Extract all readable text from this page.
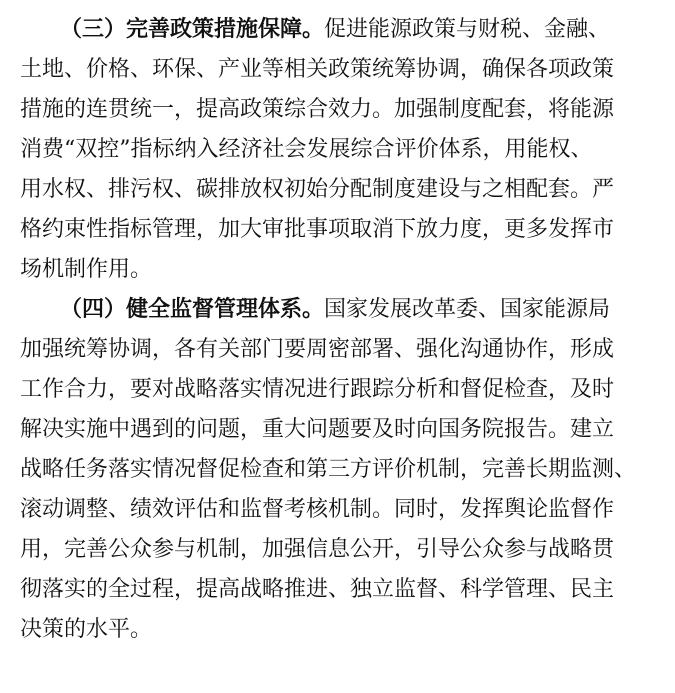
（三）完善政策措施保障。促进能源政策与财税、金融、
土地、价格、环保、产业等相关政策统筹协调，确保各项政策
措施的连贯统一，提高政策综合效力。加强制度配套，将能源
消费“双控”指标纳入经济社会发展综合评价体系，用能权、
用水权、排污权、碳排放权初始分配制度建设与之相配套。严
格约束性指标管理，加大审批事项取消下放力度，更多发挥市
场机制作用。
（四）健全监督管理体系。国家发展改革委、国家能源局
加强统筹协调，各有关部门要周密部署、强化沟通协作，形成
工作合力，要对战略落实情况进行跟踪分析和督促检查，及时
解决实施中遇到的问题，重大问题要及时向国务院报告。建立
战略任务落实情况督促检查和第三方评价机制，完善长期监测、
滚动调整、绩效评估和监督考核机制。同时，发挥舆论监督作
用，完善公众参与机制，加强信息公开，引导公众参与战略贯
彻落实的全过程，提高战略推进、独立监督、科学管理、民主
决策的水平。
